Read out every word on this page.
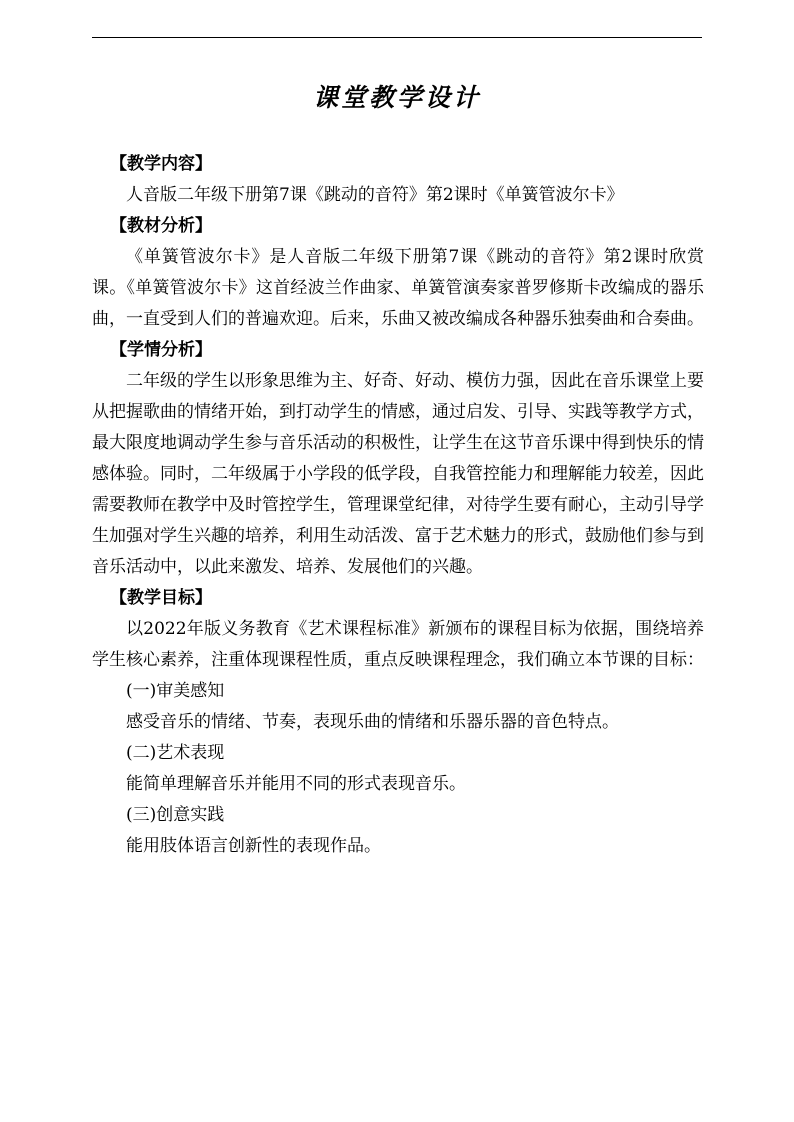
课堂教学设计
【教学内容】
人音版二年级下册第7课《跳动的音符》第2课时《单簧管波尔卡》
【教材分析】

《单簧管波尔卡》是人音版二年级下册第7课《跳动的音符》第2课时欣赏课。《单簧管波尔卡》这首经波兰作曲家、单簧管演奏家普罗修斯卡改编成的器乐曲，一直受到人们的普遍欢迎。后来，乐曲又被改编成各种器乐独奏曲和合奏曲。

【学情分析】

二年级的学生以形象思维为主、好奇、好动、模仿力强，因此在音乐课堂上要从把握歌曲的情绪开始，到打动学生的情感，通过启发、引导、实践等教学方式，最大限度地调动学生参与音乐活动的积极性，让学生在这节音乐课中得到快乐的情感体验。同时，二年级属于小学段的低学段，自我管控能力和理解能力较差，因此需要教师在教学中及时管控学生，管理课堂纪律，对待学生要有耐心，主动引导学生加强对学生兴趣的培养，利用生动活泼、富于艺术魅力的形式，鼓励他们参与到音乐活动中，以此来激发、培养、发展他们的兴趣。

【教学目标】

以2022年版义务教育《艺术课程标准》新颁布的课程目标为依据，围绕培养学生核心素养，注重体现课程性质，重点反映课程理念，我们确立本节课的目标：

(一)审美感知
感受音乐的情绪、节奏，表现乐曲的情绪和乐器乐器的音色特点。
(二)艺术表现
能简单理解音乐并能用不同的形式表现音乐。
(三)创意实践
能用肢体语言创新性的表现作品。
